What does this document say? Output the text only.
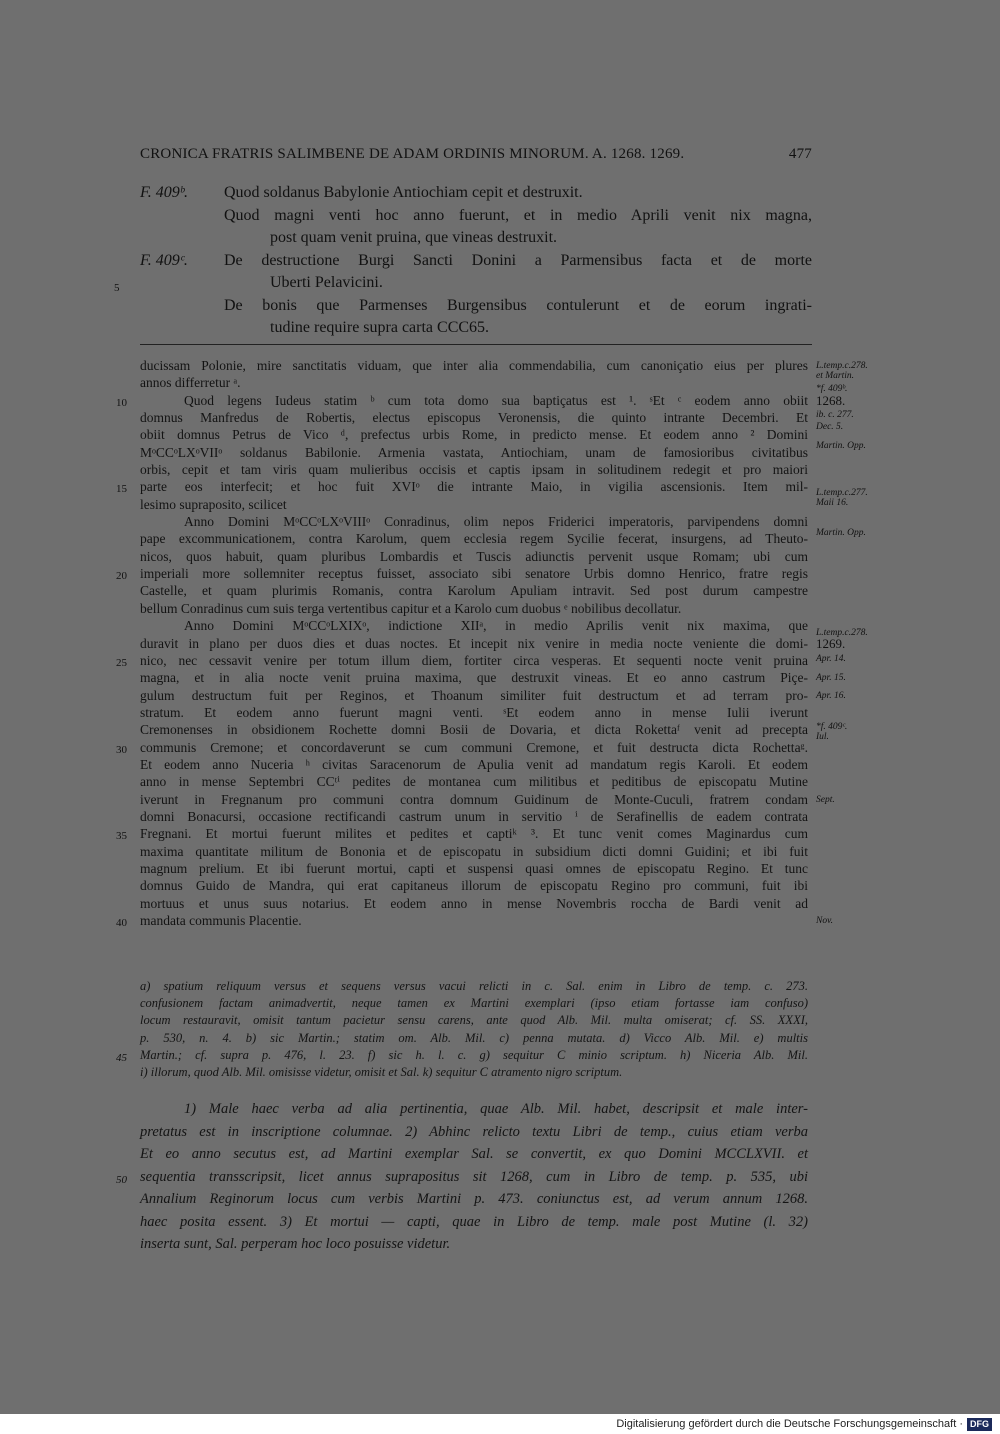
CRONICA FRATRIS SALIMBENE DE ADAM ORDINIS MINORUM. A. 1268. 1269.	477
F. 409ᵇ. Quod soldanus Babylonie Antiochiam cepit et destruxit.
Quod magni venti hoc anno fuerunt, et in medio Aprili venit nix magna,
post quam venit pruina, que vineas destruxit.
F. 409ᶜ. De destructione Burgi Sancti Donini a Parmensibus facta et de morte
Uberti Pelavicini.
5
De bonis que Parmenses Burgensibus contulerunt et de eorum ingrati-
tudine require supra carta CCC65.
ducissam Polonie, mire sanctitatis viduam, que inter alia commendabilia, cum canoniçatio eius per plures
annos differretur ᵃ.
Quod legens Iudeus statim ᵇ cum tota domo sua baptiçatus est ¹. ˢEt ᶜ eodem anno obiit
10
domnus Manfredus de Robertis, electus episcopus Veronensis, die quinto intrante Decembri. Et
obiit domnus Petrus de Vico ᵈ, prefectus urbis Rome, in predicto mense. Et eodem anno ² Domini
MᵒCCᵒLXᵒVIIᵒ soldanus Babilonie. Armenia vastata, Antiochiam, unam de famosioribus civitatibus
orbis, cepit et tam viris quam mulieribus occisis et captis ipsam in solitudinem redegit et pro maiori
parte eos interfecit; et hoc fuit XVIᵒ die intrante Maio, in vigilia ascensionis. Item mil-
15
lesimo supraposito, scilicet
Anno Domini MᵒCCᵒLXᵒVIIIᵒ Conradinus, olim nepos Friderici imperatoris, parvipendens domni
pape excommunicationem, contra Karolum, quem ecclesia regem Sycilie fecerat, insurgens, ad Theuto-
nicos, quos habuit, quam pluribus Lombardis et Tuscis adiunctis pervenit usque Romam; ubi cum
imperiali more sollemniter receptus fuisset, associato sibi senatore Urbis domno Henrico, fratre regis
20
Castelle, et quam plurimis Romanis, contra Karolum Apuliam intravit. Sed post durum campestre
bellum Conradinus cum suis terga vertentibus capitur et a Karolo cum duobus ᵉ nobilibus decollatur.
Anno Domini MᵒCCᵒLXIXᵒ, indictione XIIᵃ, in medio Aprilis venit nix maxima, que
duravit in plano per duos dies et duas noctes. Et incepit nix venire in media nocte veniente die domi-
nico, nec cessavit venire per totum illum diem, fortiter circa vesperas. Et sequenti nocte venit pruina
25
magna, et in alia nocte venit pruina maxima, que destruxit vineas. Et eo anno castrum Piçe-
gulum destructum fuit per Reginos, et Thoanum similiter fuit destructum et ad terram pro-
stratum. Et eodem anno fuerunt magni venti. ˢEt eodem anno in mense Iulii iverunt
Cremonenses in obsidionem Rochette domni Bosii de Dovaria, et dicta Rokettaᶠ venit ad precepta
communis Cremone; et concordaverunt se cum communi Cremone, et fuit destructa dicta Rochettaᵍ.
30
Et eodem anno Nuceria ʰ civitas Saracenorum de Apulia venit ad mandatum regis Karoli. Et eodem
anno in mense Septembri CCᵗⁱ pedites de montanea cum militibus et peditibus de episcopatu Mutine
iverunt in Fregnanum pro communi contra domnum Guidinum de Monte-Cuculi, fratrem condam
domni Bonacursi, occasione rectificandi castrum unum in servitio ⁱ de Serafinellis de eadem contrata
Fregnani. Et mortui fuerunt milites et pedites et captiᵏ ³. Et tunc venit comes Maginardus cum
35
maxima quantitate militum de Bononia et de episcopatu in subsidium dicti domni Guidini; et ibi fuit
magnum prelium. Et ibi fuerunt mortui, capti et suspensi quasi omnes de episcopatu Regino. Et tunc
domnus Guido de Mandra, qui erat capitaneus illorum de episcopatu Regino pro communi, fuit ibi
mortuus et unus suus notarius. Et eodem anno in mense Novembris roccha de Bardi venit ad
mandata communis Placentie.
40
L.temp.c.278.
et Martin.
*f. 409ᵇ.
1268.
ib. c. 277.
Dec. 5.
Martin. Opp.
L.temp.c.277.
Maii 16.
Martin. Opp.
L.temp.c.278.
1269.
Apr. 14.
Apr. 15.
Apr. 16.
*f. 409ᶜ.
Iul.
Sept.
Nov.
a) spatium reliquum versus et sequens versus vacui relicti in c. Sal. enim in Libro de temp. c. 273.
confusionem factam animadvertit, neque tamen ex Martini exemplari (ipso etiam fortasse iam confuso)
locum restauravit, omisit tantum pacietur sensu carens, ante quod Alb. Mil. multa omiserat; cf. SS. XXXI,
p. 530, n. 4. b) sic Martin.; statim om. Alb. Mil. c) penna mutata. d) Vicco Alb. Mil. e) multis
Martin.; cf. supra p. 476, l. 23. f) sic h. l. c. g) sequitur C minio scriptum. h) Niceria Alb. Mil.
45
i) illorum, quod Alb. Mil. omisisse videtur, omisit et Sal. k) sequitur C atramento nigro scriptum.
1) Male haec verba ad alia pertinentia, quae Alb. Mil. habet, descripsit et male inter-
pretatus est in inscriptione columnae. 2) Abhinc relicto textu Libri de temp., cuius etiam verba
Et eo anno secutus est, ad Martini exemplar Sal. se convertit, ex quo Domini MCCLXVII. et
sequentia transscripsit, licet annus suprapositus sit 1268, cum in Libro de temp. p. 535, ubi
50
Annalium Reginorum locus cum verbis Martini p. 473. coniunctus est, ad verum annum 1268.
haec posita essent. 3) Et mortui — capti, quae in Libro de temp. male post Mutine (l. 32)
inserta sunt, Sal. perperam hoc loco posuisse videtur.
Digitalisierung gefördert durch die Deutsche Forschungsgemeinschaft · DFG
